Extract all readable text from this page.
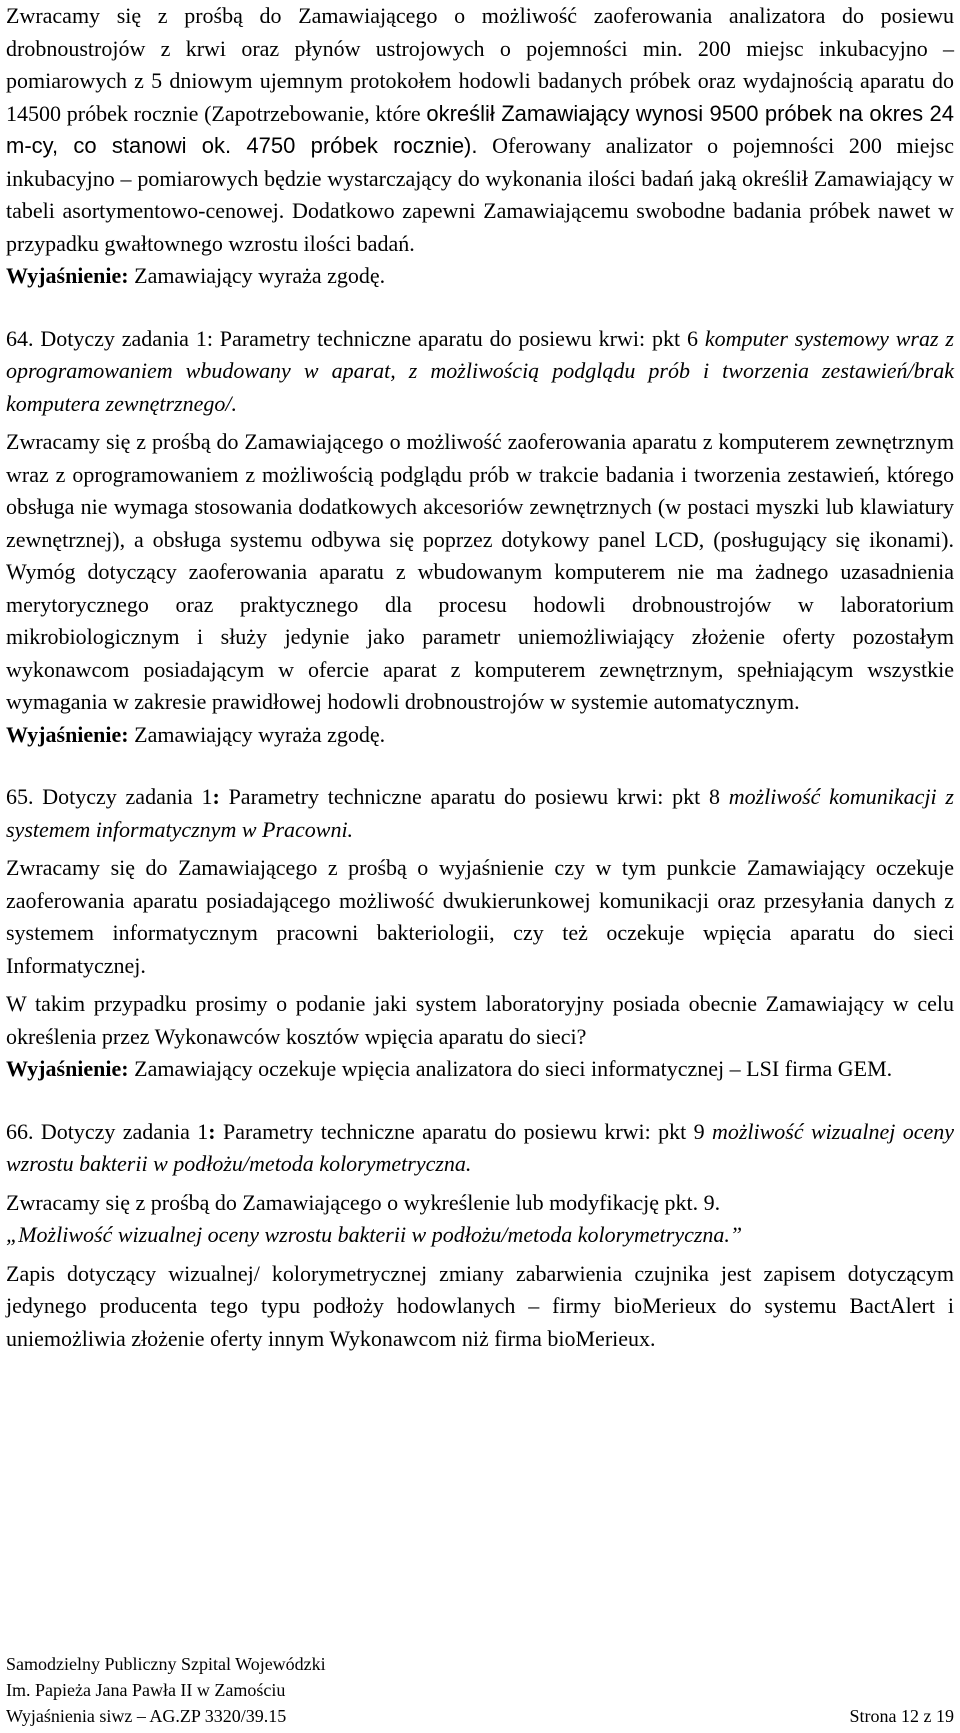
Zwracamy się z prośbą do Zamawiającego o możliwość zaoferowania analizatora do posiewu drobnoustrojów z krwi oraz płynów ustrojowych o pojemności min. 200 miejsc inkubacyjno – pomiarowych z 5 dniowym ujemnym protokołem hodowli badanych próbek oraz wydajnością aparatu do 14500 próbek rocznie (Zapotrzebowanie, które określił Zamawiający wynosi 9500 próbek na okres 24 m-cy, co stanowi ok. 4750 próbek rocznie). Oferowany analizator o pojemności 200 miejsc inkubacyjno – pomiarowych będzie wystarczający do wykonania ilości badań jaką określił Zamawiający w tabeli asortymentowo-cenowej. Dodatkowo zapewni Zamawiającemu swobodne badania próbek nawet w przypadku gwałtownego wzrostu ilości badań.

Wyjaśnienie: Zamawiający wyraża zgodę.

64. Dotyczy zadania 1: Parametry techniczne aparatu do posiewu krwi: pkt 6 komputer systemowy wraz z oprogramowaniem wbudowany w aparat, z możliwością podglądu prób i tworzenia zestawień/brak komputera zewnętrznego/.

Zwracamy się z prośbą do Zamawiającego o możliwość zaoferowania aparatu z komputerem zewnętrznym wraz z oprogramowaniem z możliwością podglądu prób w trakcie badania i tworzenia zestawień, którego obsługa nie wymaga stosowania dodatkowych akcesoriów zewnętrznych (w postaci myszki lub klawiatury zewnętrznej), a obsługa systemu odbywa się poprzez dotykowy panel LCD, (posługujący się ikonami). Wymóg dotyczący zaoferowania aparatu z wbudowanym komputerem nie ma żadnego uzasadnienia merytorycznego oraz praktycznego dla procesu hodowli drobnoustrojów w laboratorium mikrobiologicznym i służy jedynie jako parametr uniemożliwiający złożenie oferty pozostałym wykonawcom posiadającym w ofercie aparat z komputerem zewnętrznym, spełniającym wszystkie wymagania w zakresie prawidłowej hodowli drobnoustrojów w systemie automatycznym.

Wyjaśnienie: Zamawiający wyraża zgodę.

65. Dotyczy zadania 1: Parametry techniczne aparatu do posiewu krwi: pkt 8 możliwość komunikacji z systemem informatycznym w Pracowni.

Zwracamy się do Zamawiającego z prośbą o wyjaśnienie czy w tym punkcie Zamawiający oczekuje zaoferowania aparatu posiadającego możliwość dwukierunkowej komunikacji oraz przesyłania danych z systemem informatycznym pracowni bakteriologii, czy też oczekuje wpięcia aparatu do sieci Informatycznej.

W takim przypadku prosimy o podanie jaki system laboratoryjny posiada obecnie Zamawiający w celu określenia przez Wykonawców kosztów wpięcia aparatu do sieci?

Wyjaśnienie: Zamawiający oczekuje wpięcia analizatora do sieci informatycznej – LSI firma GEM.

66. Dotyczy zadania 1: Parametry techniczne aparatu do posiewu krwi: pkt 9 możliwość wizualnej oceny wzrostu bakterii w podłożu/metoda kolorymetryczna.

Zwracamy się z prośbą do Zamawiającego o wykreślenie lub modyfikację pkt. 9.
„Możliwość wizualnej oceny wzrostu bakterii w podłożu/metoda kolorymetryczna.”

Zapis dotyczący wizualnej/ kolorymetrycznej zmiany zabarwienia czujnika jest zapisem dotyczącym jedynego producenta tego typu podłoży hodowlanych – firmy bioMerieux do systemu BactAlert i uniemożliwia złożenie oferty innym Wykonawcom niż firma bioMerieux.

Samodzielny Publiczny Szpital Wojewódzki
Im. Papieża Jana Pawła II w Zamościu
Wyjaśnienia siwz – AG.ZP 3320/39.15	Strona 12 z 19
